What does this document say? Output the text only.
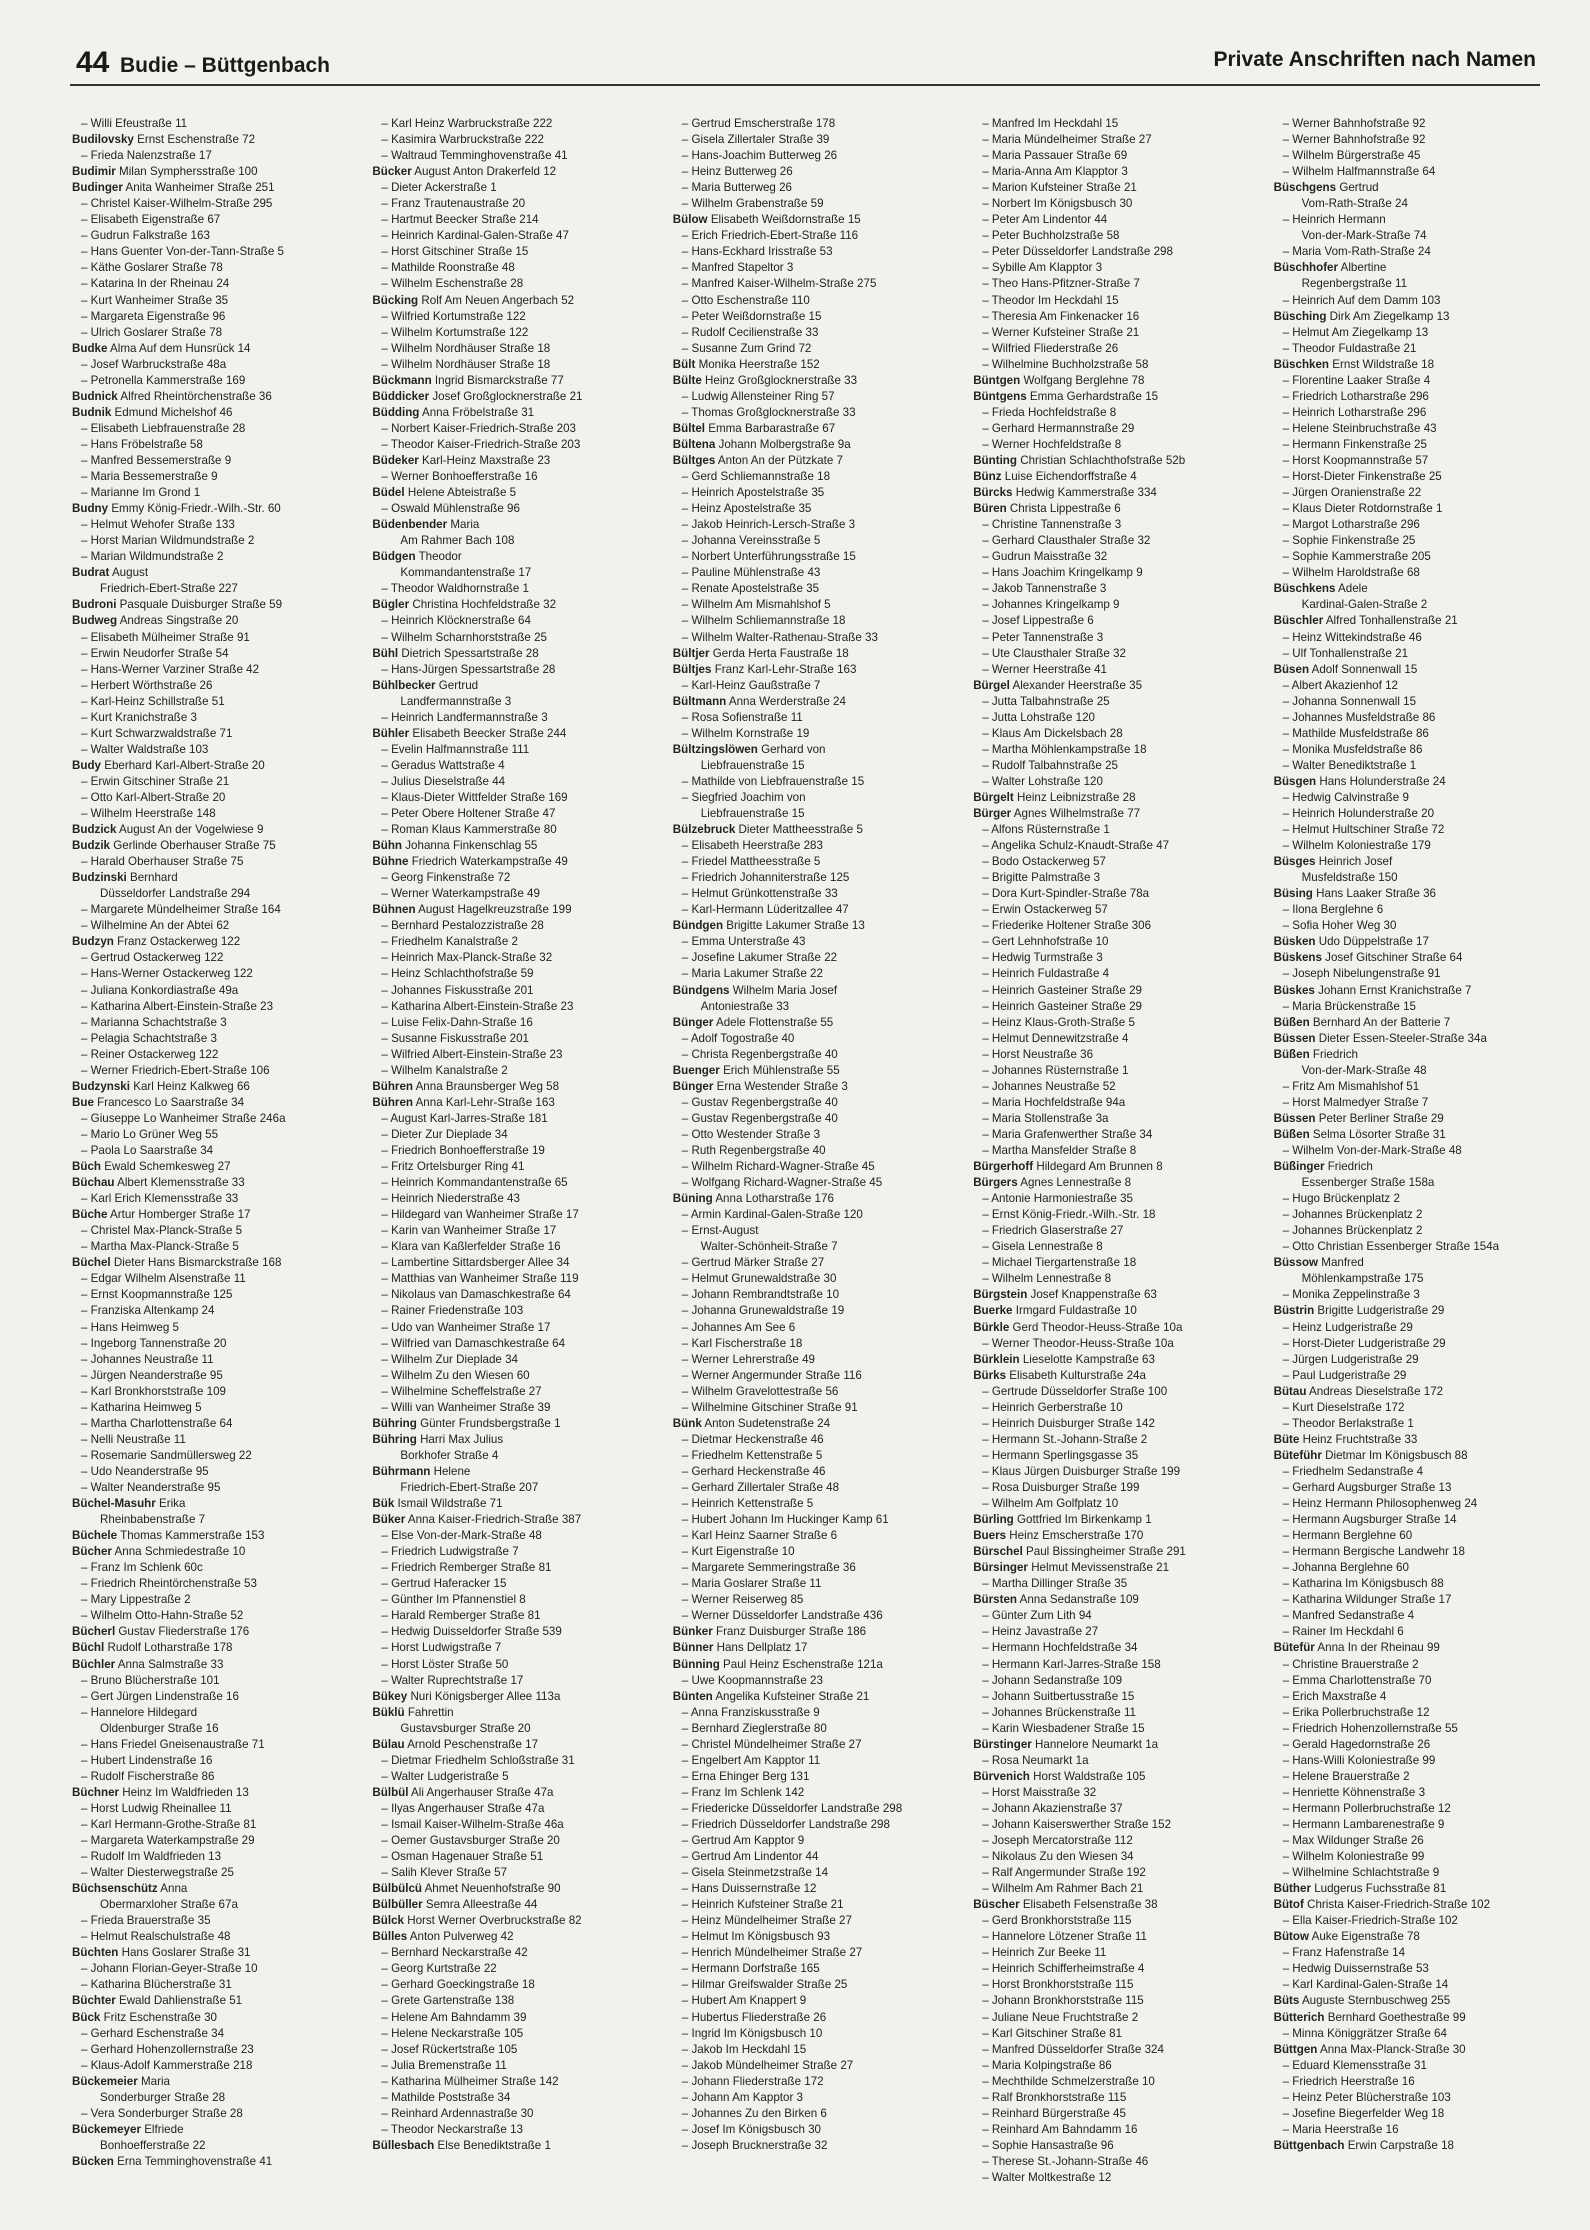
44 Budie – Büttgenbach	Private Anschriften nach Namen
– Willi Efeustraße 11
Budilovsky Ernst Eschenstraße 72
– Frieda Nalenzstraße 17
Budimir Milan Symphersstraße 100
Budinger Anita Wanheimer Straße 251
– Christel Kaiser-Wilhelm-Straße 295
– Elisabeth Eigenstraße 67
– Gudrun Falkstraße 163
– Hans Guenter Von-der-Tann-Straße 5
– Käthe Goslarer Straße 78
– Katarina In der Rheinau 24
– Kurt Wanheimer Straße 35
– Margareta Eigenstraße 96
– Ulrich Goslarer Straße 78
Budke Alma Auf dem Hunsrück 14
– Josef Warbruckstraße 48a
– Petronella Kammerstraße 169
Budnick Alfred Rheintörchenstraße 36
Budnik Edmund Michelshof 46
– Elisabeth Liebfrauenstraße 28
– Hans Fröbelstraße 58
– Manfred Bessemerstraße 9
– Maria Bessemerstraße 9
– Marianne Im Grond 1
Budny Emmy König-Friedr.-Wilh.-Str. 60
– Helmut Wehofer Straße 133
– Horst Marian Wildmundstraße 2
– Marian Wildmundstraße 2
Budrat August
Friedrich-Ebert-Straße 227
Budroni Pasquale Duisburger Straße 59
Budweg Andreas Singstraße 20
– Elisabeth Mülheimer Straße 91
– Erwin Neudorfer Straße 54
– Hans-Werner Varziner Straße 42
– Herbert Wörthstraße 26
– Karl-Heinz Schillstraße 51
– Kurt Kranichstraße 3
– Kurt Schwarzwaldstraße 71
– Walter Waldstraße 103
Budy Eberhard Karl-Albert-Straße 20
– Erwin Gitschiner Straße 21
– Otto Karl-Albert-Straße 20
– Wilhelm Heerstraße 148
Budzick August An der Vogelwiese 9
Budzik Gerlinde Oberhauser Straße 75
– Harald Oberhauser Straße 75
Budzinski Bernhard
Düsseldorfer Landstraße 294
– Margarete Mündelheimer Straße 164
– Wilhelmine An der Abtei 62
Budzyn Franz Ostackerweg 122
– Gertrud Ostackerweg 122
– Hans-Werner Ostackerweg 122
– Juliana Konkordiastraße 49a
– Katharina Albert-Einstein-Straße 23
– Marianna Schachtstraße 3
– Pelagia Schachtstraße 3
– Reiner Ostackerweg 122
– Werner Friedrich-Ebert-Straße 106
Budzynski Karl Heinz Kalkweg 66
Bue Francesco Lo Saarstraße 34
– Giuseppe Lo Wanheimer Straße 246a
– Mario Lo Grüner Weg 55
– Paola Lo Saarstraße 34
Büch Ewald Schemkesweg 27
Büchau Albert Klemensstraße 33
– Karl Erich Klemensstraße 33
Büche Artur Homberger Straße 17
– Christel Max-Planck-Straße 5
– Martha Max-Planck-Straße 5
Büchel Dieter Hans Bismarckstraße 168
– Edgar Wilhelm Alsenstraße 11
– Ernst Koopmannstraße 125
– Franziska Altenkamp 24
– Hans Heimweg 5
– Ingeborg Tannenstraße 20
– Johannes Neustraße 11
– Jürgen Neanderstraße 95
– Karl Bronkhorststraße 109
– Katharina Heimweg 5
– Martha Charlottenstraße 64
– Nelli Neustraße 11
– Rosemarie Sandmüllersweg 22
– Udo Neanderstraße 95
– Walter Neanderstraße 95
Büchel-Masuhr Erika
Rheinbabenstraße 7
Büchele Thomas Kammerstraße 153
Bücher Anna Schmiedestraße 10
– Franz Im Schlenk 60c
– Friedrich Rheintörchenstraße 53
– Mary Lippestraße 2
– Wilhelm Otto-Hahn-Straße 52
Bücherl Gustav Fliederstraße 176
Büchl Rudolf Lotharstraße 178
Büchler Anna Salmstraße 33
– Bruno Blücherstraße 101
– Gert Jürgen Lindenstraße 16
– Hannelore Hildegard
Oldenburger Straße 16
– Hans Friedel Gneisenaustraße 71
– Hubert Lindenstraße 16
– Rudolf Fischerstraße 86
Büchner Heinz Im Waldfrieden 13
– Horst Ludwig Rheinallee 11
– Karl Hermann-Grothe-Straße 81
– Margareta Waterkampstraße 29
– Rudolf Im Waldfrieden 13
– Walter Diesterwegstraße 25
Büchsenschütz Anna
Obermarxloher Straße 67a
– Frieda Brauerstraße 35
– Helmut Realschulstraße 48
Büchten Hans Goslarer Straße 31
– Johann Florian-Geyer-Straße 10
– Katharina Blücherstraße 31
Büchter Ewald Dahlienstraße 51
Bück Fritz Eschenstraße 30
– Gerhard Eschenstraße 34
– Gerhard Hohenzollernstraße 23
– Klaus-Adolf Kammerstraße 218
Bückemeier Maria
Sonderburger Straße 28
– Vera Sonderburger Straße 28
Bückemeyer Elfriede
Bonhoefferstraße 22
Bücken Erna Temminghovenstraße 41
– Karl Heinz Warbruckstraße 222
– Kasimira Warbruckstraße 222
– Waltraud Temminghovenstraße 41
Bücker August Anton Drakerfeld 12
– Dieter Ackerstraße 1
– Franz Trautenaustraße 20
– Hartmut Beecker Straße 214
– Heinrich Kardinal-Galen-Straße 47
– Horst Gitschiner Straße 15
– Mathilde Roonstraße 48
– Wilhelm Eschenstraße 28
Bücking Rolf Am Neuen Angerbach 52
– Wilfried Kortumstraße 122
– Wilhelm Kortumstraße 122
– Wilhelm Nordhäuser Straße 18
– Wilhelm Nordhäuser Straße 18
Bückmann Ingrid Bismarckstraße 77
Büddicker Josef Großglocknerstraße 21
Büdding Anna Fröbelstraße 31
– Norbert Kaiser-Friedrich-Straße 203
– Theodor Kaiser-Friedrich-Straße 203
Büdeker Karl-Heinz Maxstraße 23
– Werner Bonhoefferstraße 16
Büdel Helene Abteistraße 5
– Oswald Mühlenstraße 96
Büdenbender Maria
Am Rahmer Bach 108
Büdgen Theodor
Kommandantenstraße 17
– Theodor Waldhornstraße 1
Bügler Christina Hochfeldstraße 32
– Heinrich Klöcknerstraße 64
– Wilhelm Scharnhorststraße 25
Bühl Dietrich Spessartstraße 28
– Hans-Jürgen Spessartstraße 28
Bühlbecker Gertrud
Landfermannstraße 3
– Heinrich Landfermannstraße 3
Bühler Elisabeth Beecker Straße 244
– Evelin Halfmannstraße 111
– Geradus Wattstraße 4
– Julius Dieselstraße 44
– Klaus-Dieter Wittfelder Straße 169
– Peter Obere Holtener Straße 47
– Roman Klaus Kammerstraße 80
Bühn Johanna Finkenschlag 55
Bühne Friedrich Waterkampstraße 49
– Georg Finkenstraße 72
– Werner Waterkampstraße 49
Bühnen August Hagelkreuzstraße 199
– Bernhard Pestalozzistraße 28
– Friedhelm Kanalstraße 2
– Heinrich Max-Planck-Straße 32
– Heinz Schlachthofstraße 59
– Johannes Fiskusstraße 201
– Katharina Albert-Einstein-Straße 23
– Luise Felix-Dahn-Straße 16
– Susanne Fiskusstraße 201
– Wilfried Albert-Einstein-Straße 23
– Wilhelm Kanalstraße 2
Bühren Anna Braunsberger Weg 58
Bühren Anna Karl-Lehr-Straße 163
– August Karl-Jarres-Straße 181
– Dieter Zur Dieplade 34
– Friedrich Bonhoefferstraße 19
– Fritz Ortelsburger Ring 41
– Heinrich Kommandantenstraße 65
– Heinrich Niederstraße 43
– Hildegard van Wanheimer Straße 17
– Karin van Wanheimer Straße 17
– Klara van Kaßlerfelder Straße 16
– Lambertine Sittardsberger Allee 34
– Matthias van Wanheimer Straße 119
– Nikolaus van Damaschkestraße 64
– Rainer Friedenstraße 103
– Udo van Wanheimer Straße 17
– Wilfried van Damaschkestraße 64
– Wilhelm Zur Dieplade 34
– Wilhelm Zu den Wiesen 60
– Wilhelmine Scheffelstraße 27
– Willi van Wanheimer Straße 39
Bühring Günter Frundsbergstraße 1
Bühring Harri Max Julius
Borkhofer Straße 4
Bührmann Helene
Friedrich-Ebert-Straße 207
Bük Ismail Wildstraße 71
Büker Anna Kaiser-Friedrich-Straße 387
– Else Von-der-Mark-Straße 48
– Friedrich Ludwigstraße 7
– Friedrich Remberger Straße 81
– Gertrud Haferacker 15
– Günther Im Pfannenstiel 8
– Harald Remberger Straße 81
– Hedwig Duisseldorfer Straße 539
– Horst Ludwigstraße 7
– Horst Löster Straße 50
– Walter Ruprechtstraße 17
Bükey Nuri Königsberger Allee 113a
Büklü Fahrettin
Gustavsburger Straße 20
Bülau Arnold Peschenstraße 17
– Dietmar Friedhelm Schloßstraße 31
– Walter Ludgeristraße 5
Bülbül Ali Angerhauser Straße 47a
– Ilyas Angerhauser Straße 47a
– Ismail Kaiser-Wilhelm-Straße 46a
– Oemer Gustavsburger Straße 20
– Osman Hagenauer Straße 51
– Salih Klever Straße 57
Bülbülcü Ahmet Neuenhofstraße 90
Bülbüller Semra Alleestraße 44
Bülck Horst Werner Overbruckstraße 82
Bülles Anton Pulverweg 42
– Bernhard Neckarstraße 42
– Georg Kurtstraße 22
– Gerhard Goeckingstraße 18
– Grete Gartenstraße 138
– Helene Am Bahndamm 39
– Helene Neckarstraße 105
– Josef Rückertstraße 105
– Julia Bremenstraße 11
– Katharina Mülheimer Straße 142
– Mathilde Poststraße 34
– Reinhard Ardennastraße 30
– Theodor Neckarstraße 13
Büllesbach Else Benediktstraße 1
– Gertrud Emscherstraße 178
– Gisela Zillertaler Straße 39
– Hans-Joachim Butterweg 26
– Heinz Butterweg 26
– Maria Butterweg 26
– Wilhelm Grabenstraße 59
Bülow Elisabeth Weißdornstraße 15
– Erich Friedrich-Ebert-Straße 116
– Hans-Eckhard Irisstraße 53
– Manfred Stapeltor 3
– Manfred Kaiser-Wilhelm-Straße 275
– Otto Eschenstraße 110
– Peter Weißdornstraße 15
– Rudolf Cecilienstraße 33
– Susanne Zum Grind 72
Bült Monika Heerstraße 152
Bülte Heinz Großglocknerstraße 33
– Ludwig Allensteiner Ring 57
– Thomas Großglocknerstraße 33
Bültel Emma Barbarastraße 67
Bültena Johann Molbergstraße 9a
Bültges Anton An der Pützkate 7
– Gerd Schliemannstraße 18
– Heinrich Apostelstraße 35
– Heinz Apostelstraße 35
– Jakob Heinrich-Lersch-Straße 3
– Johanna Vereinsstraße 5
– Norbert Unterführungsstraße 15
– Pauline Mühlenstraße 43
– Renate Apostelstraße 35
– Wilhelm Am Mismahlshof 5
– Wilhelm Schliemannstraße 18
– Wilhelm Walter-Rathenau-Straße 33
Bültjer Gerda Herta Faustraße 18
Bültjes Franz Karl-Lehr-Straße 163
– Karl-Heinz Gaußstraße 7
Bültmann Anna Werderstraße 24
– Rosa Sofienstraße 11
– Wilhelm Kornstraße 19
Bültzingslöwen Gerhard von
Liebfrauenstraße 15
– Mathilde von Liebfrauenstraße 15
– Siegfried Joachim von
Liebfrauenstraße 15
Bülzebruck Dieter Mattheesstraße 5
– Elisabeth Heerstraße 283
– Friedel Mattheesstraße 5
– Friedrich Johanniterstraße 125
– Helmut Grünkottenstraße 33
– Karl-Hermann Lüderitzallee 47
Bündgen Brigitte Lakumer Straße 13
– Emma Unterstraße 43
– Josefine Lakumer Straße 22
– Maria Lakumer Straße 22
Bündgens Wilhelm Maria Josef
Antoniestraße 33
Bünger Adele Flottenstraße 55
– Adolf Togostraße 40
– Christa Regenbergstraße 40
Buenger Erich Mühlenstraße 55
Bünger Erna Westender Straße 3
– Gustav Regenbergstraße 40
– Gustav Regenbergstraße 40
– Otto Westender Straße 3
– Ruth Regenbergstraße 40
– Wilhelm Richard-Wagner-Straße 45
– Wolfgang Richard-Wagner-Straße 45
Büning Anna Lotharstraße 176
– Armin Kardinal-Galen-Straße 120
– Ernst-August
Walter-Schönheit-Straße 7
– Gertrud Märker Straße 27
– Helmut Grunewaldstraße 30
– Johann Rembrandtstraße 10
– Johanna Grunewaldstraße 19
– Johannes Am See 6
– Karl Fischerstraße 18
– Werner Lehrerstraße 49
– Werner Angermunder Straße 116
– Wilhelm Gravelottestraße 56
– Wilhelmine Gitschiner Straße 91
Bünk Anton Sudetenstraße 24
– Dietmar Heckenstraße 46
– Friedhelm Kettenstraße 5
– Gerhard Heckenstraße 46
– Gerhard Zillertaler Straße 48
– Heinrich Kettenstraße 5
– Hubert Johann Im Huckinger Kamp 61
– Karl Heinz Saarner Straße 6
– Kurt Eigenstraße 10
– Margarete Semmeringstraße 36
– Maria Goslarer Straße 11
– Werner Reiserweg 85
– Werner Düsseldorfer Landstraße 436
Bünker Franz Duisburger Straße 186
Bünner Hans Dellplatz 17
Bünning Paul Heinz Eschenstraße 121a
– Uwe Koopmannstraße 23
Bünten Angelika Kufsteiner Straße 21
– Anna Franziskusstraße 9
– Bernhard Zieglerstraße 80
– Christel Mündelheimer Straße 27
– Engelbert Am Kapptor 11
– Erna Ehinger Berg 131
– Franz Im Schlenk 142
– Friedericke Düsseldorfer Landstraße 298
– Friedrich Düsseldorfer Landstraße 298
– Gertrud Am Kapptor 9
– Gertrud Am Lindentor 44
– Gisela Steinmetzstraße 14
– Hans Duissernstraße 12
– Heinrich Kufsteiner Straße 21
– Heinz Mündelheimer Straße 27
– Helmut Im Königsbusch 93
– Henrich Mündelheimer Straße 27
– Hermann Dorfstraße 165
– Hilmar Greifswalder Straße 25
– Hubert Am Knappert 9
– Hubertus Fliederstraße 26
– Ingrid Im Königsbusch 10
– Jakob Im Heckdahl 15
– Jakob Mündelheimer Straße 27
– Johann Fliederstraße 172
– Johann Am Kapptor 3
– Johannes Zu den Birken 6
– Josef Im Königsbusch 30
– Joseph Brucknerstraße 32
– Manfred Im Heckdahl 15
– Maria Mündelheimer Straße 27
– Maria Passauer Straße 69
– Maria-Anna Am Klapptor 3
– Marion Kufsteiner Straße 21
– Norbert Im Königsbusch 30
– Peter Am Lindentor 44
– Peter Buchholzstraße 58
– Peter Düsseldorfer Landstraße 298
– Sybille Am Klapptor 3
– Theo Hans-Pfitzner-Straße 7
– Theodor Im Heckdahl 15
– Theresia Am Finkenacker 16
– Werner Kufsteiner Straße 21
– Wilfried Fliederstraße 26
– Wilhelmine Buchholzstraße 58
Büntgen Wolfgang Berglehne 78
Büntgens Emma Gerhardstraße 15
– Frieda Hochfeldstraße 8
– Gerhard Hermannstraße 29
– Werner Hochfeldstraße 8
Bünting Christian Schlachthofstraße 52b
Bünz Luise Eichendorffstraße 4
Bürcks Hedwig Kammerstraße 334
Büren Christa Lippestraße 6
– Christine Tannenstraße 3
– Gerhard Clausthaler Straße 32
– Gudrun Maisstraße 32
– Hans Joachim Kringelkamp 9
– Jakob Tannenstraße 3
– Johannes Kringelkamp 9
– Josef Lippestraße 6
– Peter Tannenstraße 3
– Ute Clausthaler Straße 32
– Werner Heerstraße 41
Bürgel Alexander Heerstraße 35
– Jutta Talbahnstraße 25
– Jutta Lohstraße 120
– Klaus Am Dickelsbach 28
– Martha Möhlenkampstraße 18
– Rudolf Talbahnstraße 25
– Walter Lohstraße 120
Bürgelt Heinz Leibnizstraße 28
Bürger Agnes Wilhelmstraße 77
– Alfons Rüsternstraße 1
– Angelika Schulz-Knaudt-Straße 47
– Bodo Ostackerweg 57
– Brigitte Palmstraße 3
– Dora Kurt-Spindler-Straße 78a
– Erwin Ostackerweg 57
– Friederike Holtener Straße 306
– Gert Lehnhofstraße 10
– Hedwig Turmstraße 3
– Heinrich Fuldastraße 4
– Heinrich Gasteiner Straße 29
– Heinrich Gasteiner Straße 29
– Heinz Klaus-Groth-Straße 5
– Helmut Dennewitzstraße 4
– Horst Neustraße 36
– Johannes Rüsternstraße 1
– Johannes Neustraße 52
– Maria Hochfeldstraße 94a
– Maria Stollenstraße 3a
– Maria Grafenwerther Straße 34
– Martha Mansfelder Straße 8
Bürgerhoff Hildegard Am Brunnen 8
Bürgers Agnes Lennestraße 8
– Antonie Harmoniestraße 35
– Ernst König-Friedr.-Wilh.-Str. 18
– Friedrich Glaserstraße 27
– Gisela Lennestraße 8
– Michael Tiergartenstraße 18
– Wilhelm Lennestraße 8
Bürgstein Josef Knappenstraße 63
Buerke Irmgard Fuldastraße 10
Bürkle Gerd Theodor-Heuss-Straße 10a
– Werner Theodor-Heuss-Straße 10a
Bürklein Lieselotte Kampstraße 63
Bürks Elisabeth Kulturstraße 24a
– Gertrude Düsseldorfer Straße 100
– Heinrich Gerberstraße 10
– Heinrich Duisburger Straße 142
– Hermann St.-Johann-Straße 2
– Hermann Sperlingsgasse 35
– Klaus Jürgen Duisburger Straße 199
– Rosa Duisburger Straße 199
– Wilhelm Am Golfplatz 10
Bürling Gottfried Im Birkenkamp 1
Buers Heinz Emscherstraße 170
Bürschel Paul Bissingheimer Straße 291
Bürsinger Helmut Mevissenstraße 21
– Martha Dillinger Straße 35
Bürsten Anna Sedanstraße 109
– Günter Zum Lith 94
– Heinz Javastraße 27
– Hermann Hochfeldstraße 34
– Hermann Karl-Jarres-Straße 158
– Johann Sedanstraße 109
– Johann Suitbertusstraße 15
– Johannes Brückenstraße 11
– Karin Wiesbadener Straße 15
Bürstinger Hannelore Neumarkt 1a
– Rosa Neumarkt 1a
Bürvenich Horst Waldstraße 105
– Horst Maisstraße 32
– Johann Akazienstraße 37
– Johann Kaiserswerther Straße 152
– Joseph Mercatorstraße 112
– Nikolaus Zu den Wiesen 34
– Ralf Angermunder Straße 192
– Wilhelm Am Rahmer Bach 21
Büscher Elisabeth Felsenstraße 38
– Gerd Bronkhorststraße 115
– Hannelore Lötzener Straße 11
– Heinrich Zur Beeke 11
– Heinrich Schifferheimstraße 4
– Horst Bronkhorststraße 115
– Johann Bronkhorststraße 115
– Juliane Neue Fruchtstraße 2
– Karl Gitschiner Straße 81
– Manfred Düsseldorfer Straße 324
– Maria Kolpingstraße 86
– Mechthilde Schmelzerstraße 10
– Ralf Bronkhorststraße 115
– Reinhard Bürgerstraße 45
– Reinhard Am Bahndamm 16
– Sophie Hansastraße 96
– Therese St.-Johann-Straße 46
– Walter Moltkestraße 12
– Werner Bahnhofstraße 92
– Werner Bahnhofstraße 92
– Wilhelm Bürgerstraße 45
– Wilhelm Halfmannstraße 64
Büschgens Gertrud
Vom-Rath-Straße 24
– Heinrich Hermann
Von-der-Mark-Straße 74
– Maria Vom-Rath-Straße 24
Büschhofer Albertine
Regenbergstraße 11
– Heinrich Auf dem Damm 103
Büsching Dirk Am Ziegelkamp 13
– Helmut Am Ziegelkamp 13
– Theodor Fuldastraße 21
Büschken Ernst Wildstraße 18
– Florentine Laaker Straße 4
– Friedrich Lotharstraße 296
– Heinrich Lotharstraße 296
– Helene Steinbruchstraße 43
– Hermann Finkenstraße 25
– Horst Koopmannstraße 57
– Horst-Dieter Finkenstraße 25
– Jürgen Oranienstraße 22
– Klaus Dieter Rotdornstraße 1
– Margot Lotharstraße 296
– Sophie Finkenstraße 25
– Sophie Kammerstraße 205
– Wilhelm Haroldstraße 68
Büschkens Adele
Kardinal-Galen-Straße 2
Büschler Alfred Tonhallenstraße 21
– Heinz Wittekindstraße 46
– Ulf Tonhallenstraße 21
Büsen Adolf Sonnenwall 15
– Albert Akazienhof 12
– Johanna Sonnenwall 15
– Johannes Musfeldstraße 86
– Mathilde Musfeldstraße 86
– Monika Musfeldstraße 86
– Walter Benediktstraße 1
Büsgen Hans Holunderstraße 24
– Hedwig Calvinstraße 9
– Heinrich Holunderstraße 20
– Helmut Hultschiner Straße 72
– Wilhelm Koloniestraße 179
Büsges Heinrich Josef
Musfeldstraße 150
Büsing Hans Laaker Straße 36
– Ilona Berglehne 6
– Sofia Hoher Weg 30
Büsken Udo Düppelstraße 17
Büskens Josef Gitschiner Straße 64
– Joseph Nibelungenstraße 91
Büskes Johann Ernst Kranichstraße 7
– Maria Brückenstraße 15
Büßen Bernhard An der Batterie 7
Büssen Dieter Essen-Steeler-Straße 34a
Büßen Friedrich
Von-der-Mark-Straße 48
– Fritz Am Mismahlshof 51
– Horst Malmedyer Straße 7
Büssen Peter Berliner Straße 29
Büßen Selma Lösorter Straße 31
– Wilhelm Von-der-Mark-Straße 48
Büßinger Friedrich
Essenberger Straße 158a
– Hugo Brückenplatz 2
– Johannes Brückenplatz 2
– Johannes Brückenplatz 2
– Otto Christian Essenberger Straße 154a
Büssow Manfred
Möhlenkampstraße 175
– Monika Zeppelinstraße 3
Büstrin Brigitte Ludgeristraße 29
– Heinz Ludgeristraße 29
– Horst-Dieter Ludgeristraße 29
– Jürgen Ludgeristraße 29
– Paul Ludgeristraße 29
Bütau Andreas Dieselstraße 172
– Kurt Dieselstraße 172
– Theodor Berlakstraße 1
Büte Heinz Fruchtstraße 33
Büteführ Dietmar Im Königsbusch 88
– Friedhelm Sedanstraße 4
– Gerhard Augsburger Straße 13
– Heinz Hermann Philosophenweg 24
– Hermann Augsburger Straße 14
– Hermann Berglehne 60
– Hermann Bergische Landwehr 18
– Johanna Berglehne 60
– Katharina Im Königsbusch 88
– Katharina Wildunger Straße 17
– Manfred Sedanstraße 4
– Rainer Im Heckdahl 6
Bütefür Anna In der Rheinau 99
– Christine Brauerstraße 2
– Emma Charlottenstraße 70
– Erich Maxstraße 4
– Erika Pollerbruchstraße 12
– Friedrich Hohenzollernstraße 55
– Gerald Hagedornstraße 26
– Hans-Willi Koloniestraße 99
– Helene Brauerstraße 2
– Henriette Köhnenstraße 3
– Hermann Pollerbruchstraße 12
– Hermann Lambarenestraße 9
– Max Wildunger Straße 26
– Wilhelm Koloniestraße 99
– Wilhelmine Schlachtstraße 9
Büther Ludgerus Fuchsstraße 81
Bütof Christa Kaiser-Friedrich-Straße 102
– Ella Kaiser-Friedrich-Straße 102
Bütow Auke Eigenstraße 78
– Franz Hafenstraße 14
– Hedwig Duissernstraße 53
– Karl Kardinal-Galen-Straße 14
Büts Auguste Sternbuschweg 255
Bütterich Bernhard Goethestraße 99
– Minna Königgrätzer Straße 64
Büttgen Anna Max-Planck-Straße 30
– Eduard Klemensstraße 31
– Friedrich Heerstraße 16
– Heinz Peter Blücherstraße 103
– Josefine Biegerfelder Weg 18
– Maria Heerstraße 16
Büttgenbach Erwin Carpstraße 18
